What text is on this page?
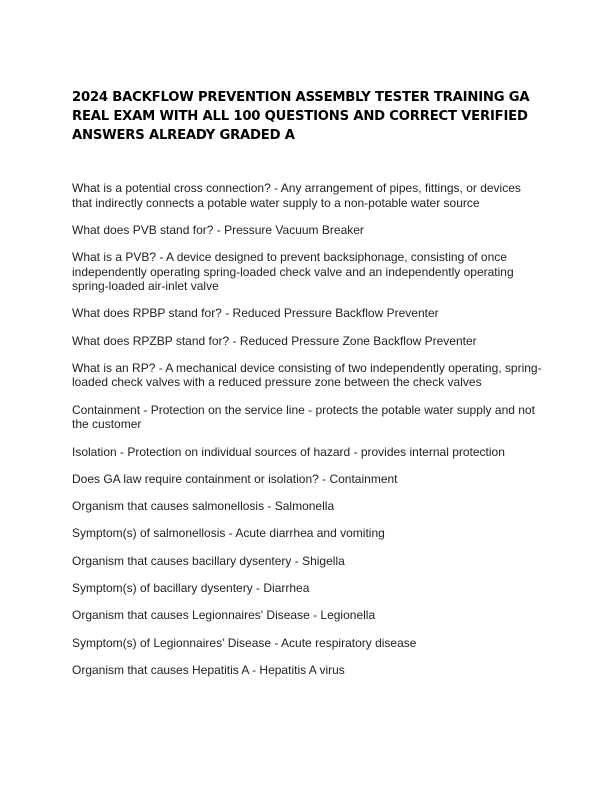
2024 BACKFLOW PREVENTION ASSEMBLY TESTER TRAINING GA REAL EXAM WITH ALL 100 QUESTIONS AND CORRECT VERIFIED ANSWERS ALREADY GRADED A
What is a potential cross connection? - Any arrangement of pipes, fittings, or devices that indirectly connects a potable water supply to a non-potable water source
What does PVB stand for? - Pressure Vacuum Breaker
What is a PVB? - A device designed to prevent backsiphonage, consisting of once independently operating spring-loaded check valve and an independently operating spring-loaded air-inlet valve
What does RPBP stand for? - Reduced Pressure Backflow Preventer
What does RPZBP stand for? - Reduced Pressure Zone Backflow Preventer
What is an RP? - A mechanical device consisting of two independently operating, spring-loaded check valves with a reduced pressure zone between the check valves
Containment - Protection on the service line - protects the potable water supply and not the customer
Isolation - Protection on individual sources of hazard - provides internal protection
Does GA law require containment or isolation? - Containment
Organism that causes salmonellosis - Salmonella
Symptom(s) of salmonellosis - Acute diarrhea and vomiting
Organism that causes bacillary dysentery - Shigella
Symptom(s) of bacillary dysentery - Diarrhea
Organism that causes Legionnaires' Disease - Legionella
Symptom(s) of Legionnaires' Disease - Acute respiratory disease
Organism that causes Hepatitis A - Hepatitis A virus
